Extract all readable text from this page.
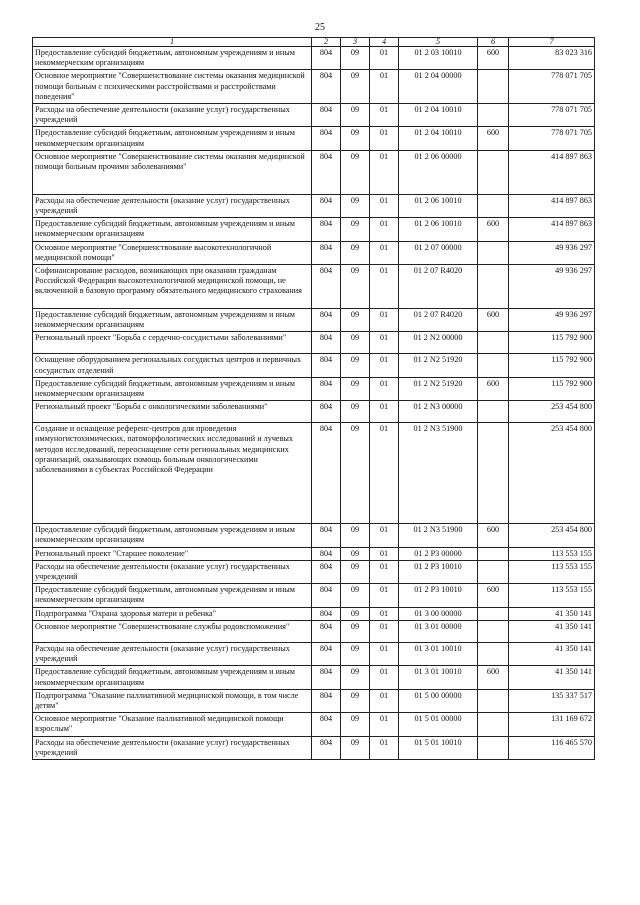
25
1	2	3	4	5	6	7
Предоставление субсидий бюджетным, автономным учреждениям и иным некоммерческим организациям	804	09	01	01 2 03 10010	600	83 023 316
Основное мероприятие "Совершенствование системы оказания медицинской помощи больным с психическими расстройствами и расстройствами поведения"	804	09	01	01 2 04 00000		778 071 705
Расходы на обеспечение деятельности (оказание услуг) государственных учреждений	804	09	01	01 2 04 10010		778 071 705
Предоставление субсидий бюджетным, автономным учреждениям и иным некоммерческим организациям	804	09	01	01 2 04 10010	600	778 071 705
Основное мероприятие "Совершенствование системы оказания медицинской помощи больным прочими заболеваниями"	804	09	01	01 2 06 00000		414 897 863
Расходы на обеспечение деятельности (оказание услуг) государственных учреждений	804	09	01	01 2 06 10010		414 897 863
Предоставление субсидий бюджетным, автономным учреждениям и иным некоммерческим организациям	804	09	01	01 2 06 10010	600	414 897 863
Основное мероприятие "Совершенствование высокотехнологичной медицинской помощи"	804	09	01	01 2 07 00000		49 936 297
Софинансирование расходов, возникающих при оказании гражданам Российской Федерации высокотехнологичной медицинской помощи, не включенной в базовую программу обязательного медицинского страхования	804	09	01	01 2 07 R4020		49 936 297
Предоставление субсидий бюджетным, автономным учреждениям и иным некоммерческим организациям	804	09	01	01 2 07 R4020	600	49 936 297
Региональный проект "Борьба с сердечно-сосудистыми заболеваниями"	804	09	01	01 2 N2 00000		115 792 900
Оснащение оборудованием региональных сосудистых центров и первичных сосудистых отделений	804	09	01	01 2 N2 51920		115 792 900
Предоставление субсидий бюджетным, автономным учреждениям и иным некоммерческим организациям	804	09	01	01 2 N2 51920	600	115 792 900
Региональный проект "Борьба с онкологическими заболеваниями"	804	09	01	01 2 N3 00000		253 454 800
Создание и оснащение референс-центров для проведения иммуногистохимических, патоморфологических исследований и лучевых методов исследований, переоснащение сети региональных медицинских организаций, оказывающих помощь больным онкологическими заболеваниями в субъектах Российской Федерации	804	09	01	01 2 N3 51900		253 454 800
Предоставление субсидий бюджетным, автономным учреждениям и иным некоммерческим организациям	804	09	01	01 2 N3 51900	600	253 454 800
Региональный проект "Старшее поколение"	804	09	01	01 2 P3 00000		113 553 155
Расходы на обеспечение деятельности (оказание услуг) государственных учреждений	804	09	01	01 2 P3 10010		113 553 155
Предоставление субсидий бюджетным, автономным учреждениям и иным некоммерческим организациям	804	09	01	01 2 P3 10010	600	113 553 155
Подпрограмма "Охрана здоровья матери и ребенка"	804	09	01	01 3 00 00000		41 350 141
Основное мероприятие "Совершенствование службы родовспоможения"	804	09	01	01 3 01 00000		41 350 141
Расходы на обеспечение деятельности (оказание услуг) государственных учреждений	804	09	01	01 3 01 10010		41 350 141
Предоставление субсидий бюджетным, автономным учреждениям и иным некоммерческим организациям	804	09	01	01 3 01 10010	600	41 350 141
Подпрограмма "Оказание паллиативной медицинской помощи, в том числе детям"	804	09	01	01 5 00 00000		135 337 517
Основное мероприятие "Оказание паллиативной медицинской помощи взрослым"	804	09	01	01 5 01 00000		131 169 672
Расходы на обеспечение деятельности (оказание услуг) государственных учреждений	804	09	01	01 5 01 10010		116 465 570
